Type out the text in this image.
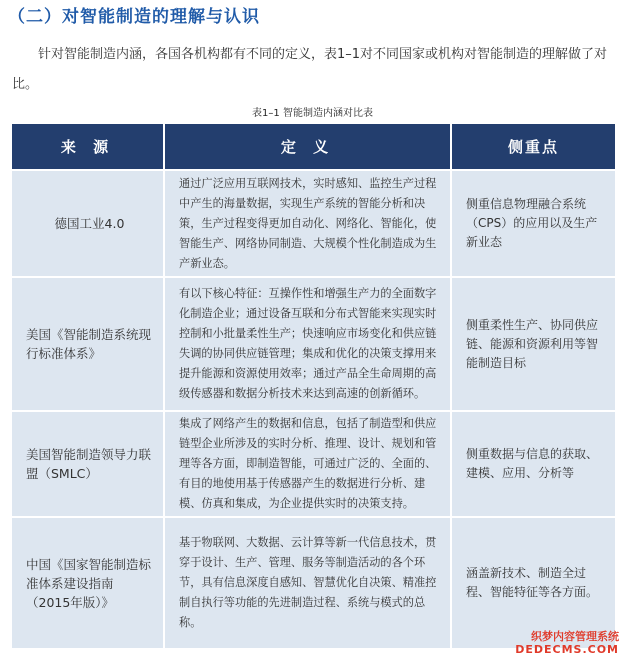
（二）对智能制造的理解与认识
针对智能制造内涵，各国各机构都有不同的定义，表1–1对不同国家或机构对智能制造的理解做了对比。
表1–1 智能制造内涵对比表
来 源	定 义	侧重点

德国工业4.0	通过广泛应用互联网技术，实时感知、监控生产过程中产生的海量数据，实现生产系统的智能分析和决策，生产过程变得更加自动化、网络化、智能化，使智能生产、网络协同制造、大规模个性化制造成为生产新业态。	侧重信息物理融合系统（CPS）的应用以及生产新业态

美国《智能制造系统现行标准体系》	有以下核心特征：互操作性和增强生产力的全面数字化制造企业；通过设备互联和分布式智能来实现实时控制和小批量柔性生产；快速响应市场变化和供应链失调的协同供应链管理；集成和优化的决策支撑用来提升能源和资源使用效率；通过产品全生命周期的高级传感器和数据分析技术来达到高速的创新循环。	侧重柔性生产、协同供应链、能源和资源利用等智能制造目标

美国智能制造领导力联盟（SMLC）	集成了网络产生的数据和信息，包括了制造型和供应链型企业所涉及的实时分析、推理、设计、规划和管理等各方面，即制造智能，可通过广泛的、全面的、有目的地使用基于传感器产生的数据进行分析、建模、仿真和集成，为企业提供实时的决策支持。	侧重数据与信息的获取、建模、应用、分析等

中国《国家智能制造标准体系建设指南（2015年版）》	基于物联网、大数据、云计算等新一代信息技术，贯穿于设计、生产、管理、服务等制造活动的各个环节，具有信息深度自感知、智慧优化自决策、精准控制自执行等功能的先进制造过程、系统与模式的总称。	涵盖新技术、制造全过程、智能特征等各方面。
织梦内容管理系统
DEDECMS.COM
